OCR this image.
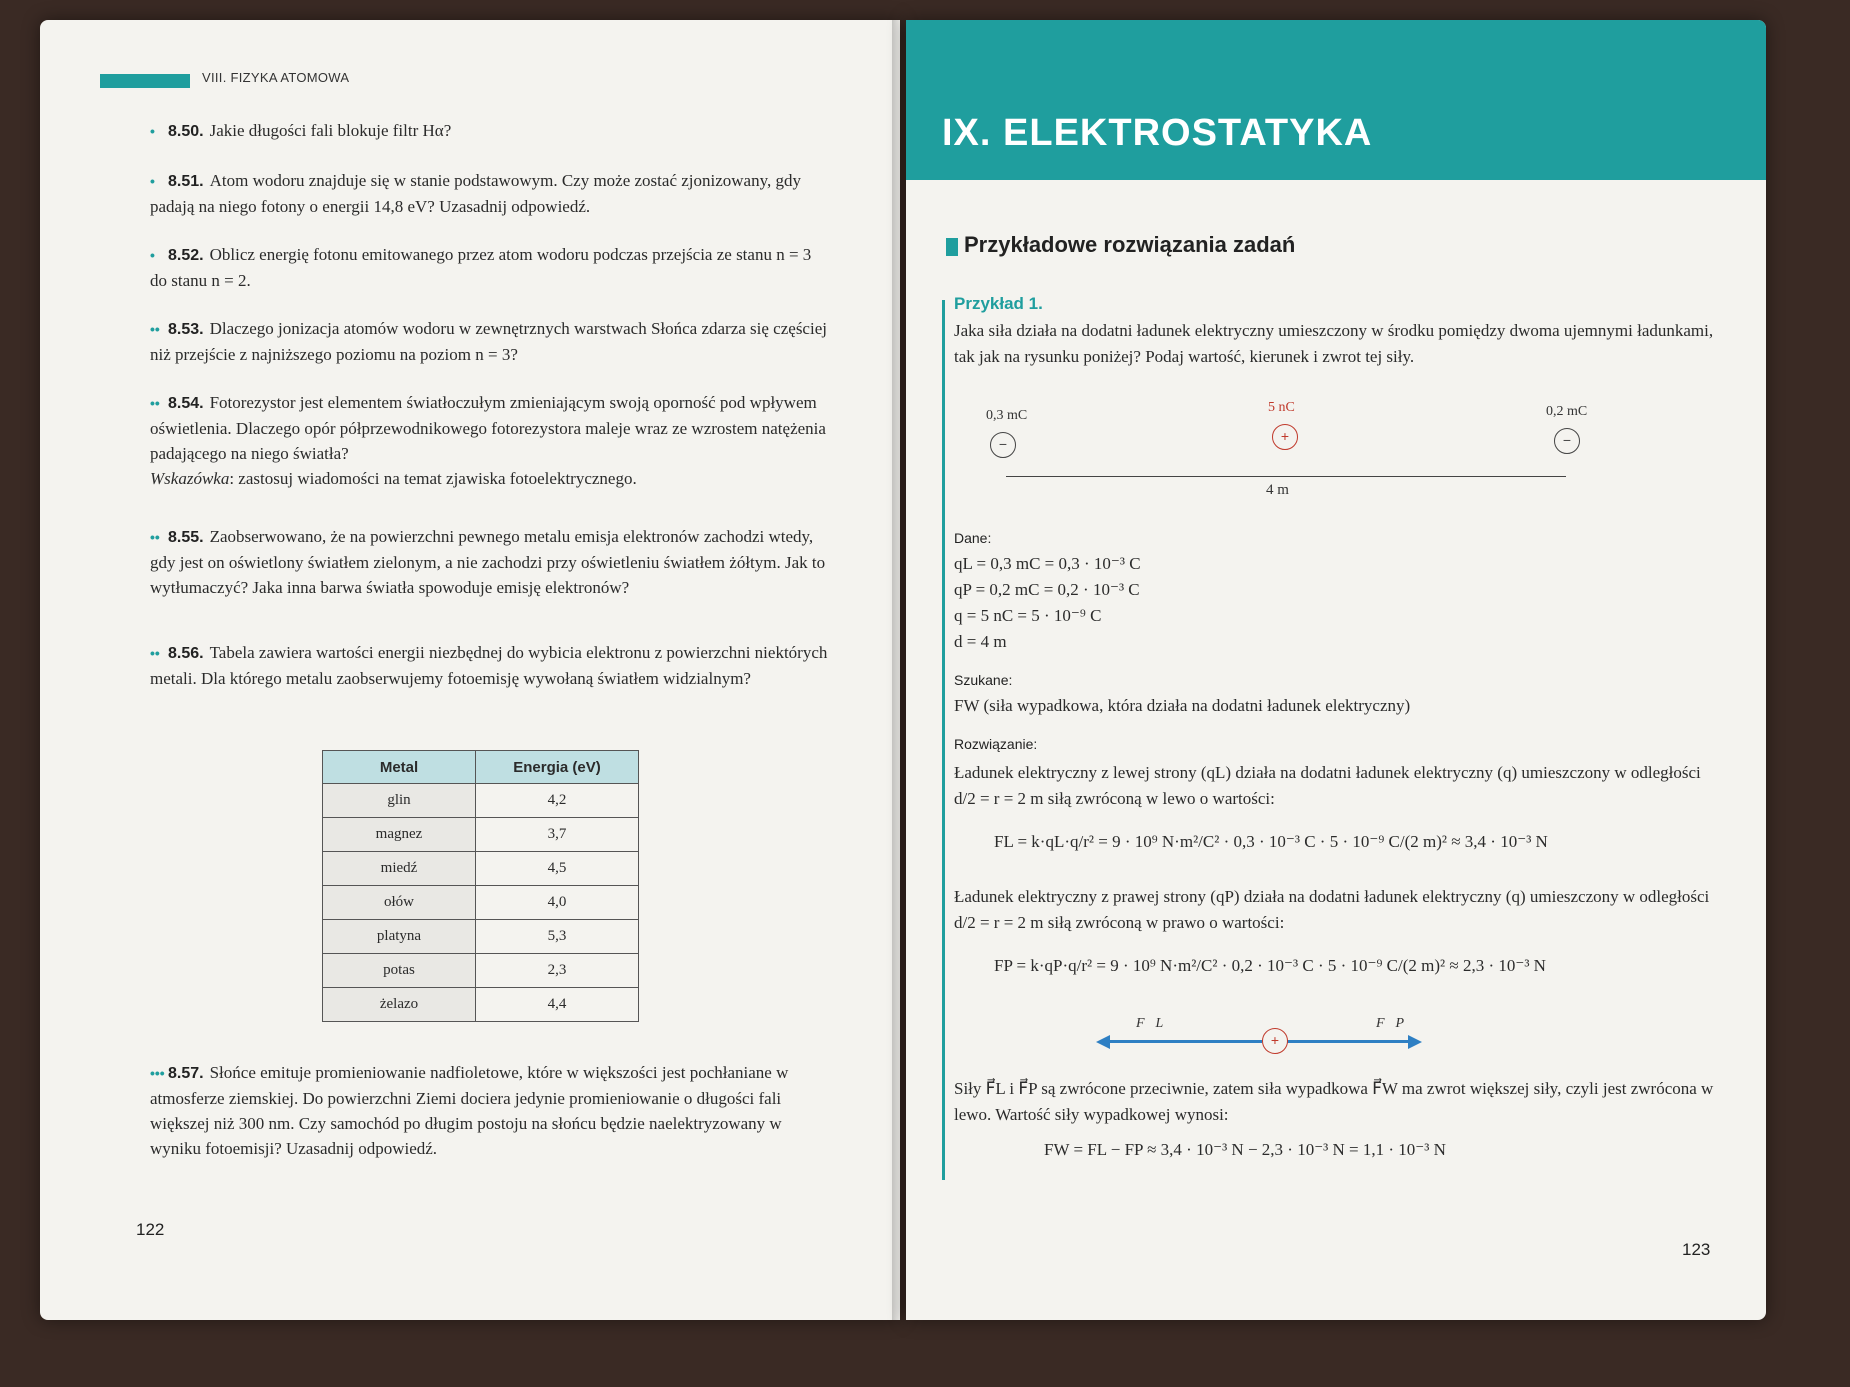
VIII. FIZYKA ATOMOWA
• 8.50. Jakie długości fali blokuje filtr Hα?
• 8.51. Atom wodoru znajduje się w stanie podstawowym. Czy może zostać zjonizowany, gdy padają na niego fotony o energii 14,8 eV? Uzasadnij odpowiedź.
• 8.52. Oblicz energię fotonu emitowanego przez atom wodoru podczas przejścia ze stanu n = 3 do stanu n = 2.
•• 8.53. Dlaczego jonizacja atomów wodoru w zewnętrznych warstwach Słońca zdarza się częściej niż przejście z najniższego poziomu na poziom n = 3?
•• 8.54. Fotorezystor jest elementem światłoczułym zmieniającym swoją oporność pod wpływem oświetlenia. Dlaczego opór półprzewodnikowego fotorezystora maleje wraz ze wzrostem natężenia padającego na niego światła?
Wskazówka: zastosuj wiadomości na temat zjawiska fotoelektrycznego.
•• 8.55. Zaobserwowano, że na powierzchni pewnego metalu emisja elektronów zachodzi wtedy, gdy jest on oświetlony światłem zielonym, a nie zachodzi przy oświetleniu światłem żółtym. Jak to wytłumaczyć? Jaka inna barwa światła spowoduje emisję elektronów?
•• 8.56. Tabela zawiera wartości energii niezbędnej do wybicia elektronu z powierzchni niektórych metali. Dla którego metalu zaobserwujemy fotoemisję wywołaną światłem widzialnym?
Metal	Energia (eV)
glin	4,2
magnez	3,7
miedź	4,5
ołów	4,0
platyna	5,3
potas	2,3
żelazo	4,4
••• 8.57. Słońce emituje promieniowanie nadfioletowe, które w większości jest pochłaniane w atmosferze ziemskiej. Do powierzchni Ziemi dociera jedynie promieniowanie o długości fali większej niż 300 nm. Czy samochód po długim postoju na słońcu będzie naelektryzowany w wyniku fotoemisji? Uzasadnij odpowiedź.
122
IX. ELEKTROSTATYKA
Przykładowe rozwiązania zadań
Przykład 1.
Jaka siła działa na dodatni ładunek elektryczny umieszczony w środku pomiędzy dwoma ujemnymi ładunkami, tak jak na rysunku poniżej? Podaj wartość, kierunek i zwrot tej siły.
0,3 mC
−
5 nC
+
0,2 mC
−
4 m
Dane:
qL = 0,3 mC = 0,3 · 10⁻³ C
qP = 0,2 mC = 0,2 · 10⁻³ C
q = 5 nC = 5 · 10⁻⁹ C
d = 4 m
Szukane:
FW (siła wypadkowa, która działa na dodatni ładunek elektryczny)
Rozwiązanie:
Ładunek elektryczny z lewej strony (qL) działa na dodatni ładunek elektryczny (q) umieszczony w odległości d/2 = r = 2 m siłą zwróconą w lewo o wartości:
FL = k·qL·q/r² = 9 · 10⁹ N·m²/C² · 0,3 · 10⁻³ C · 5 · 10⁻⁹ C/(2 m)² ≈ 3,4 · 10⁻³ N
Ładunek elektryczny z prawej strony (qP) działa na dodatni ładunek elektryczny (q) umieszczony w odległości d/2 = r = 2 m siłą zwróconą w prawo o wartości:
FP = k·qP·q/r² = 9 · 10⁹ N·m²/C² · 0,2 · 10⁻³ C · 5 · 10⁻⁹ C/(2 m)² ≈ 2,3 · 10⁻³ N
F⃗L	F⃗P
+
Siły F⃗L i F⃗P są zwrócone przeciwnie, zatem siła wypadkowa F⃗W ma zwrot większej siły, czyli jest zwrócona w lewo. Wartość siły wypadkowej wynosi:
FW = FL − FP ≈ 3,4 · 10⁻³ N − 2,3 · 10⁻³ N = 1,1 · 10⁻³ N
123
